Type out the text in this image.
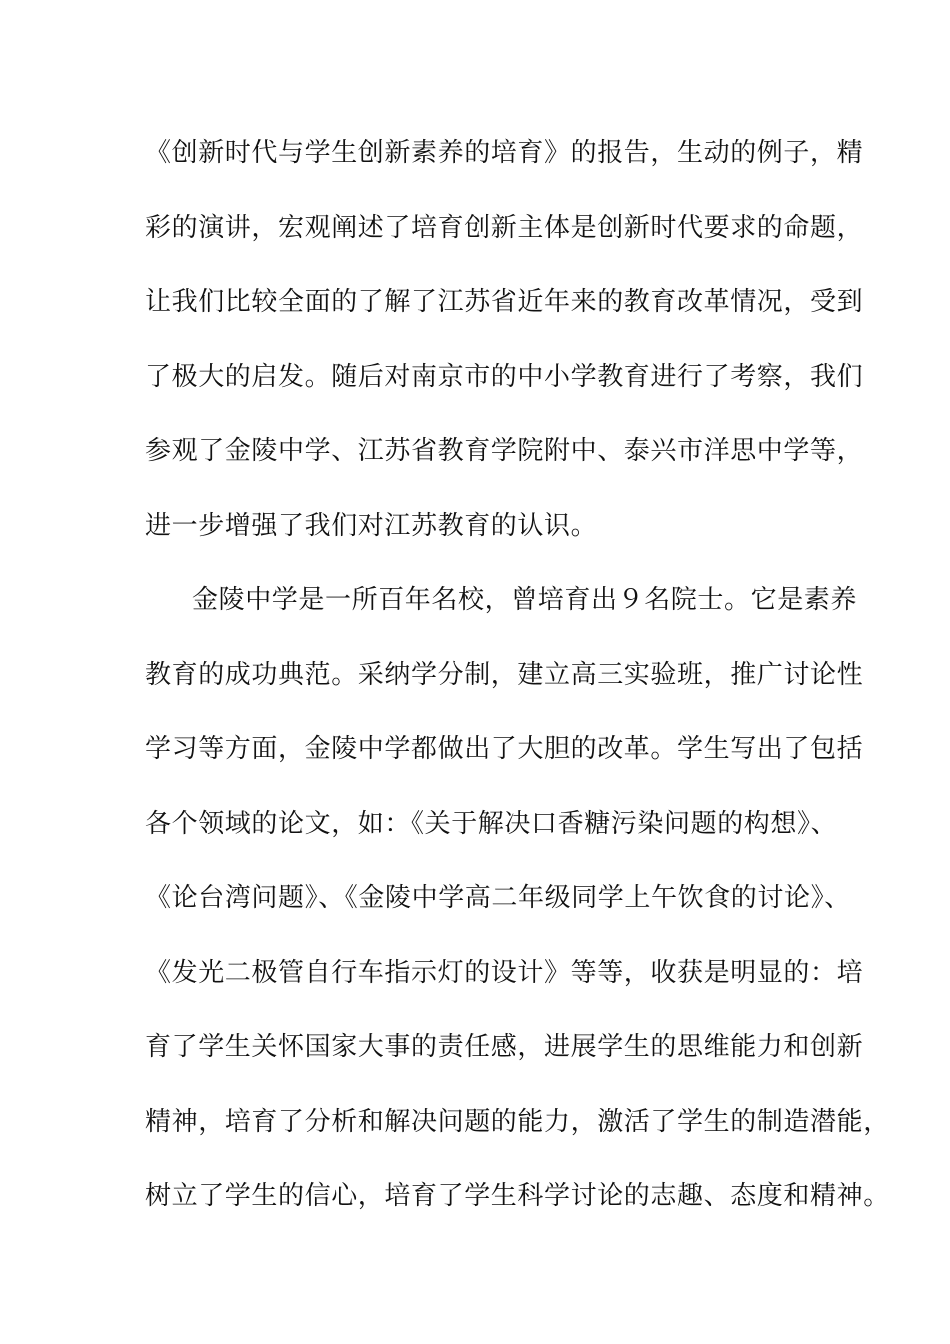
《创新时代与学生创新素养的培育》的报告，生动的例子，精
彩的演讲，宏观阐述了培育创新主体是创新时代要求的命题，
让我们比较全面的了解了江苏省近年来的教育改革情况，受到
了极大的启发。随后对南京市的中小学教育进行了考察，我们
参观了金陵中学、江苏省教育学院附中、泰兴市洋思中学等，
进一步增强了我们对江苏教育的认识。
金陵中学是一所百年名校，曾培育出９名院士。它是素养
教育的成功典范。采纳学分制，建立高三实验班，推广讨论性
学习等方面，金陵中学都做出了大胆的改革。学生写出了包括
各个领域的论文，如：《关于解决口香糖污染问题的构想》、
《论台湾问题》、《金陵中学高二年级同学上午饮食的讨论》、
《发光二极管自行车指示灯的设计》等等，收获是明显的：培
育了学生关怀国家大事的责任感，进展学生的思维能力和创新
精神，培育了分析和解决问题的能力，激活了学生的制造潜能，
树立了学生的信心，培育了学生科学讨论的志趣、态度和精神。
